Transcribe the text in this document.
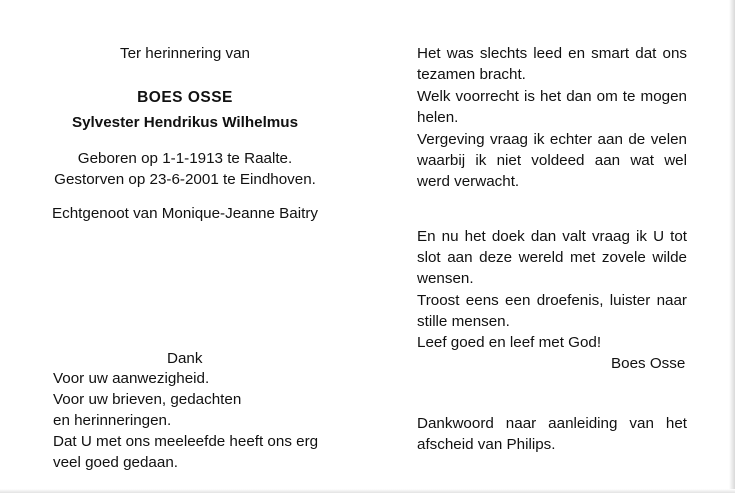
Ter herinnering van

BOES OSSE

Sylvester Hendrikus Wilhelmus

Geboren op 1-1-1913 te Raalte.

Gestorven op 23-6-2001 te Eindhoven.

Echtgenoot van Monique-Jeanne Baitry

Dank

Voor uw aanwezigheid.

Voor uw brieven, gedachten

en herinneringen.

Dat U met ons meeleefde heeft ons erg

veel goed gedaan.

Het was slechts leed en smart dat ons

tezamen bracht.

Welk voorrecht is het dan om te mogen

helen.

Vergeving vraag ik echter aan de velen

waarbij ik niet voldeed aan wat wel

werd verwacht.

En nu het doek dan valt vraag ik U tot

slot aan deze wereld met zovele wilde

wensen.

Troost eens een droefenis, luister naar

stille mensen.

Leef goed en leef met God!

Boes Osse

Dankwoord naar aanleiding van het

afscheid van Philips.
